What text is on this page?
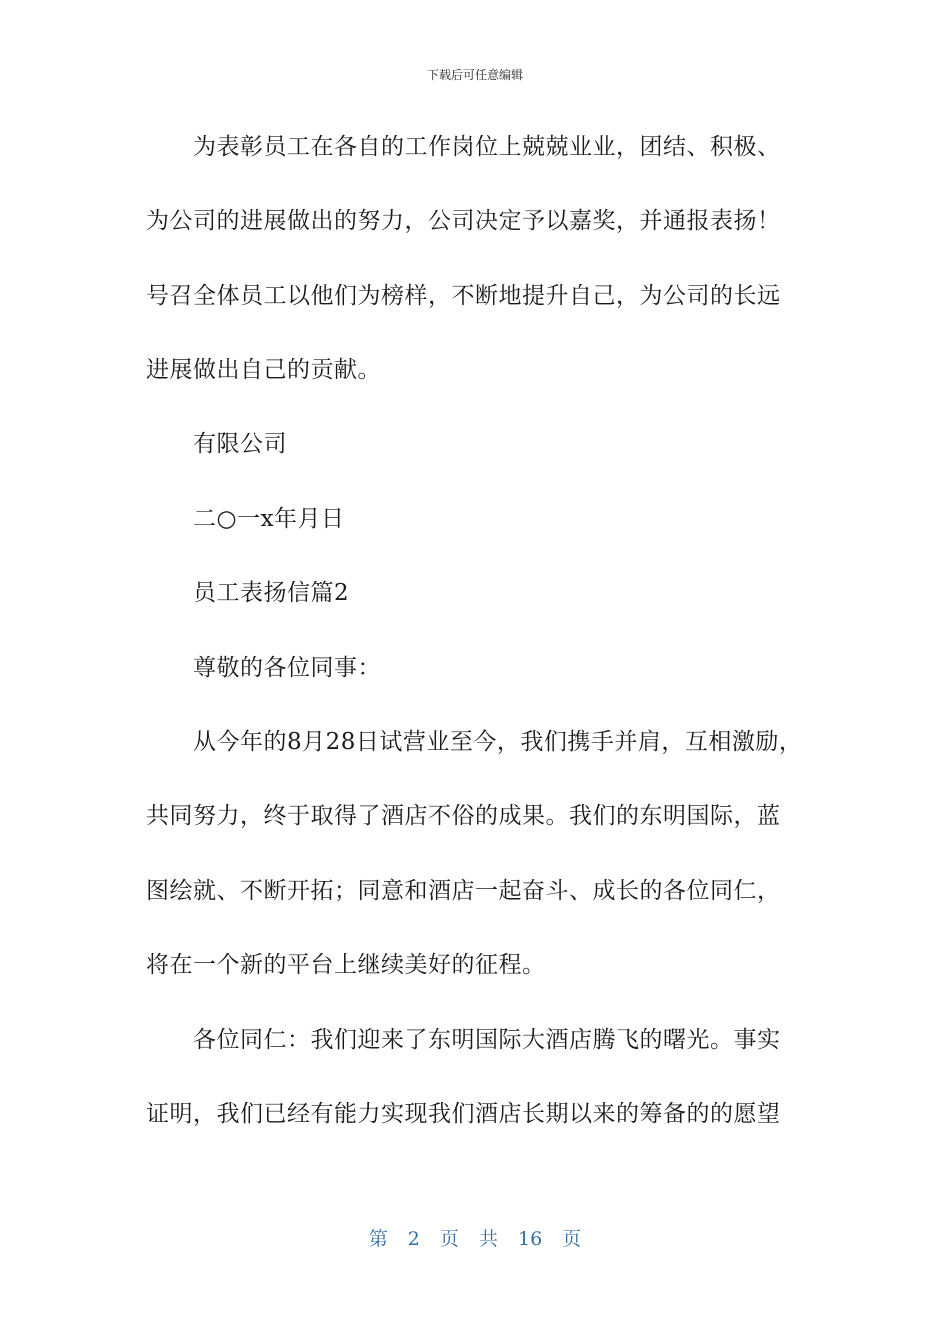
下载后可任意编辑
为表彰员工在各自的工作岗位上兢兢业业，团结、积极、
为公司的进展做出的努力，公司决定予以嘉奖，并通报表扬！
号召全体员工以他们为榜样，不断地提升自己，为公司的长远
进展做出自己的贡献。
有限公司
二○一x年月日
员工表扬信篇2
尊敬的各位同事：
从今年的8月28日试营业至今，我们携手并肩，互相激励，
共同努力，终于取得了酒店不俗的成果。我们的东明国际，蓝
图绘就、不断开拓；同意和酒店一起奋斗、成长的各位同仁，
将在一个新的平台上继续美好的征程。
各位同仁：我们迎来了东明国际大酒店腾飞的曙光。事实
证明，我们已经有能力实现我们酒店长期以来的筹备的的愿望
第 2 页 共 16 页
